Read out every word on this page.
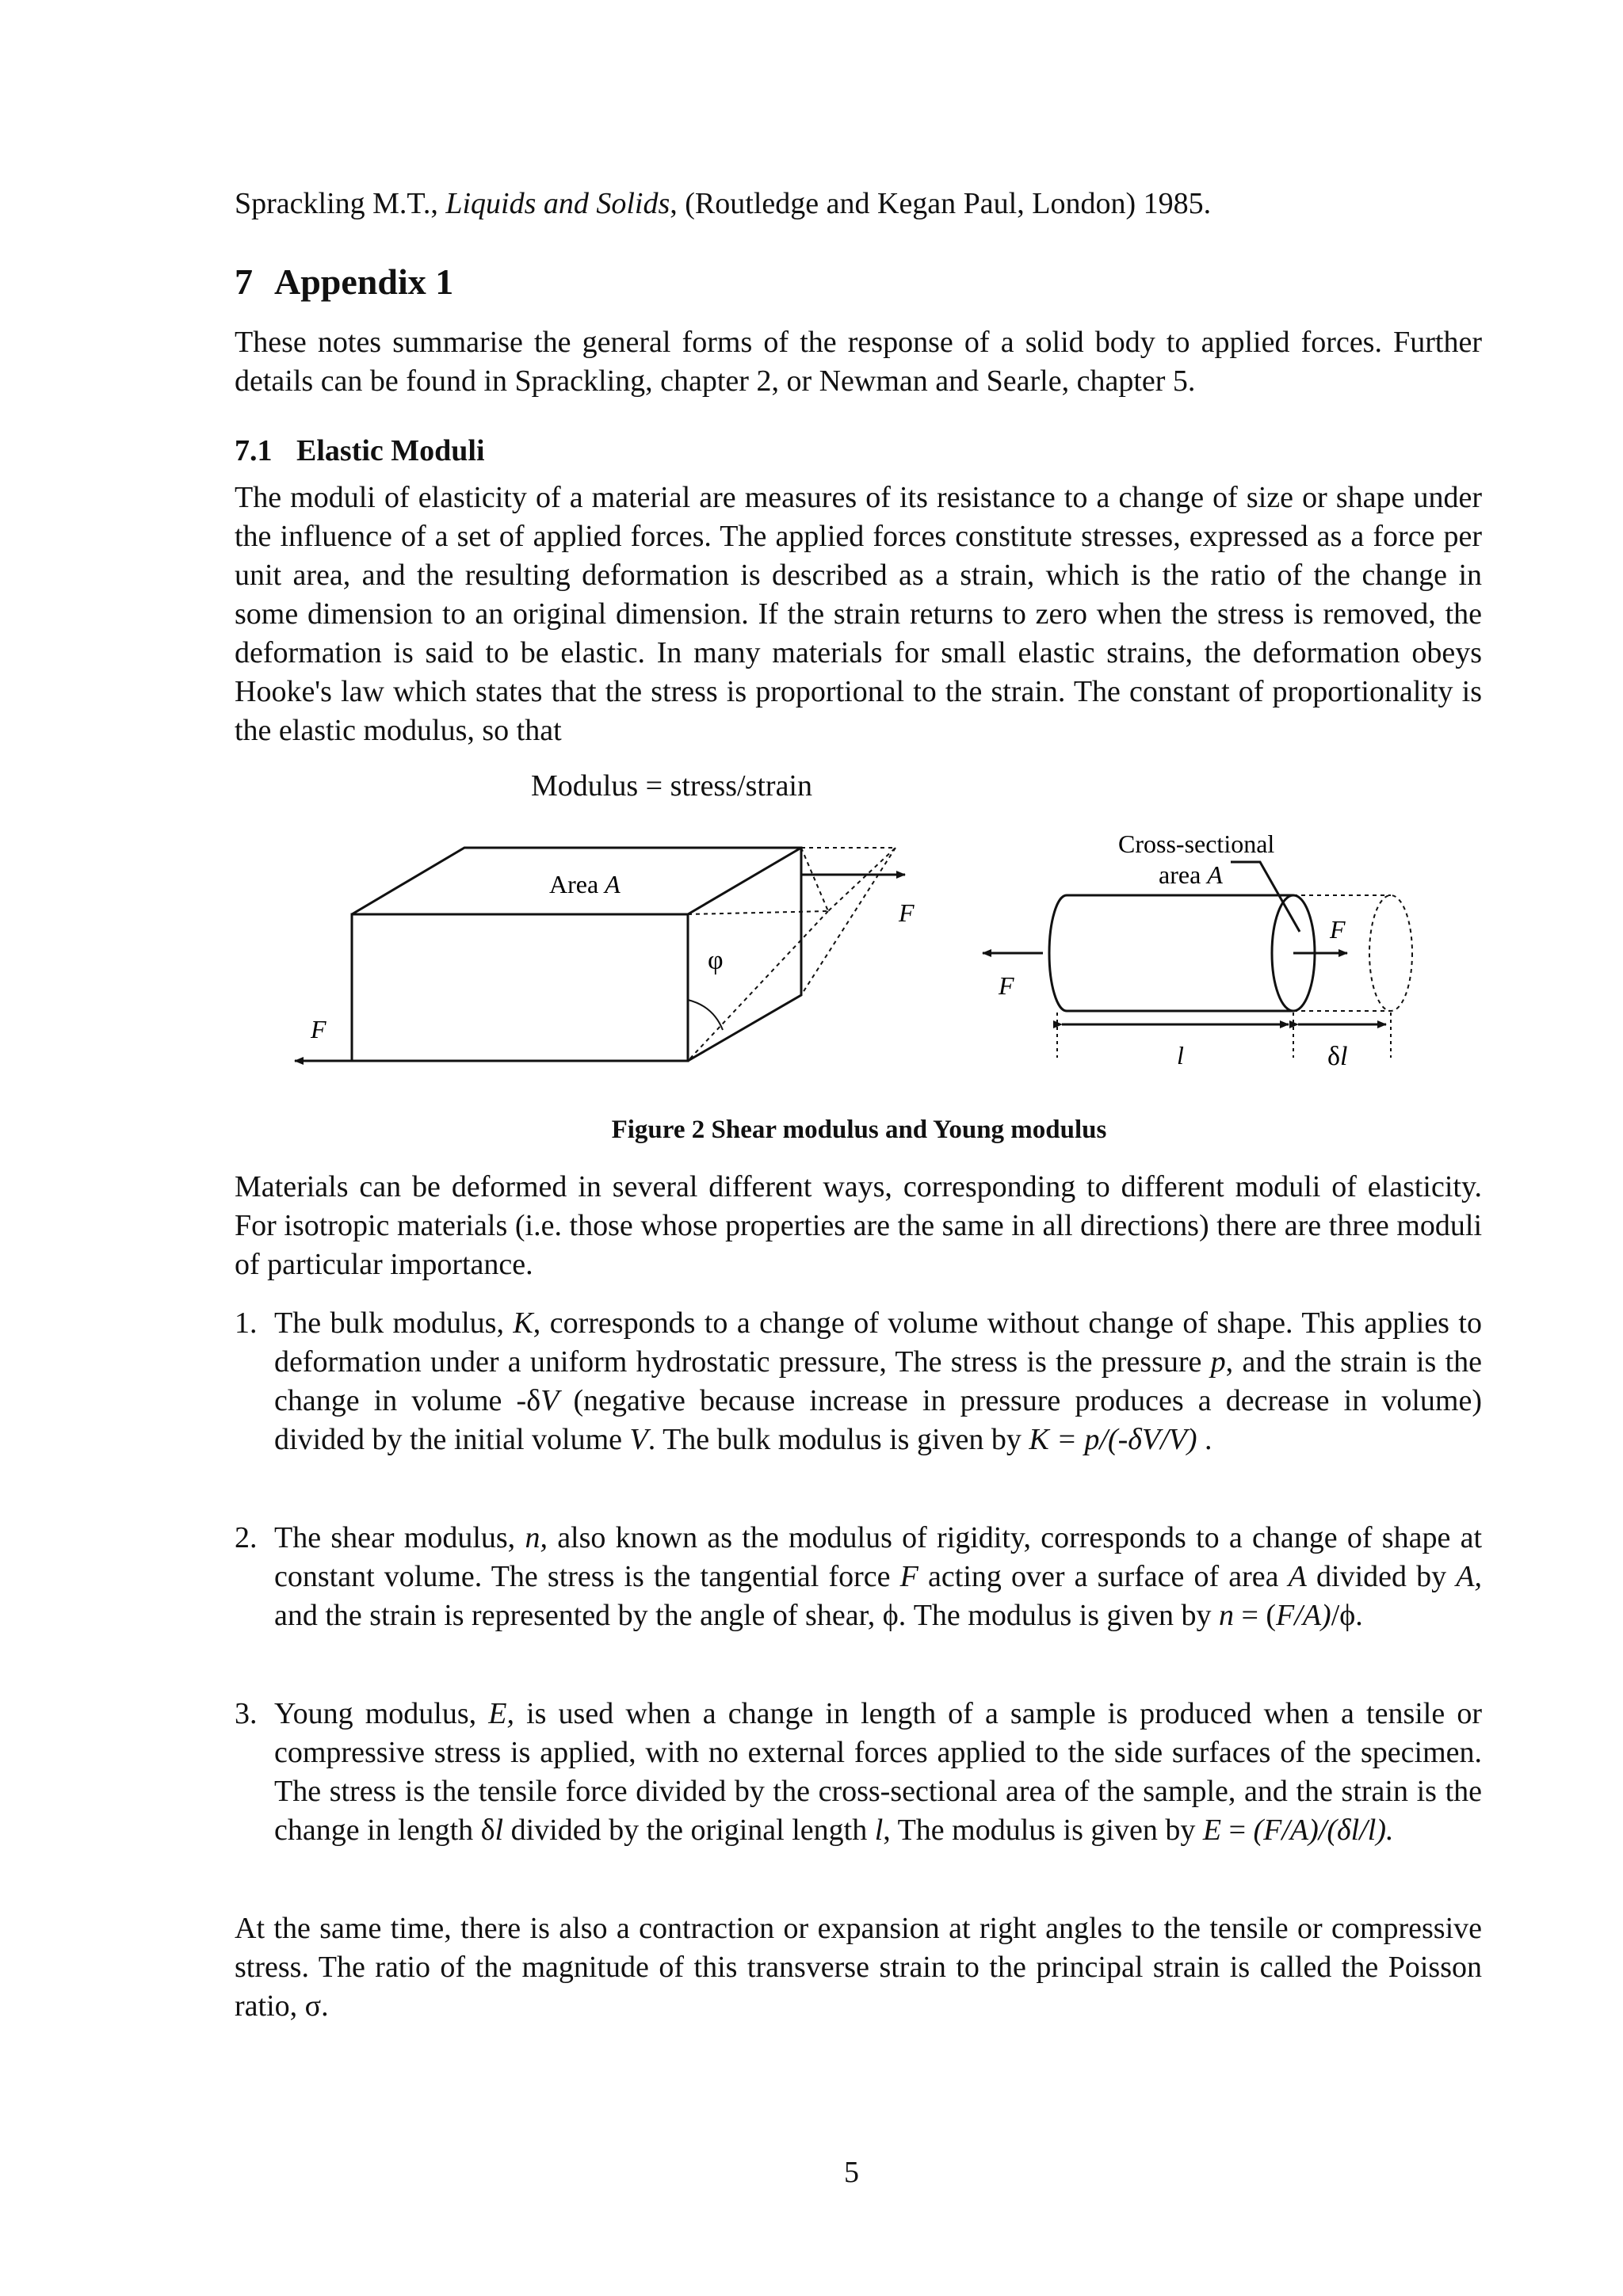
Sprackling M.T., Liquids and Solids, (Routledge and Kegan Paul, London) 1985.
7 Appendix 1

These notes summarise the general forms of the response of a solid body to applied forces. Further details can be found in Sprackling, chapter 2, or Newman and Searle, chapter 5.

7.1 Elastic Moduli

The moduli of elasticity of a material are measures of its resistance to a change of size or shape under the influence of a set of applied forces. The applied forces constitute stresses, expressed as a force per unit area, and the resulting deformation is described as a strain, which is the ratio of the change in some dimension to an original dimension. If the strain returns to zero when the stress is removed, the deformation is said to be elastic. In many materials for small elastic strains, the deformation obeys Hooke's law which states that the stress is proportional to the strain. The constant of proportionality is the elastic modulus, so that

Modulus = stress/strain
Area A
F
F
φ
Cross-sectional
area A
F
F
l	δl
Figure 2 Shear modulus and Young modulus

Materials can be deformed in several different ways, corresponding to different moduli of elasticity. For isotropic materials (i.e. those whose properties are the same in all directions) there are three moduli of particular importance.

1. The bulk modulus, K, corresponds to a change of volume without change of shape. This applies to deformation under a uniform hydrostatic pressure, The stress is the pressure p, and the strain is the change in volume -δV (negative because increase in pressure produces a decrease in volume) divided by the initial volume V. The bulk modulus is given by K = p/(-δV/V) .
2. The shear modulus, n, also known as the modulus of rigidity, corresponds to a change of shape at constant volume. The stress is the tangential force F acting over a surface of area A divided by A, and the strain is represented by the angle of shear, ϕ. The modulus is given by n = (F/A)/ϕ.
3. Young modulus, E, is used when a change in length of a sample is produced when a tensile or compressive stress is applied, with no external forces applied to the side surfaces of the specimen. The stress is the tensile force divided by the cross-sectional area of the sample, and the strain is the change in length δl divided by the original length l, The modulus is given by E = (F/A)/(δl/l).

At the same time, there is also a contraction or expansion at right angles to the tensile or compressive stress. The ratio of the magnitude of this transverse strain to the principal strain is called the Poisson ratio, σ.

5
